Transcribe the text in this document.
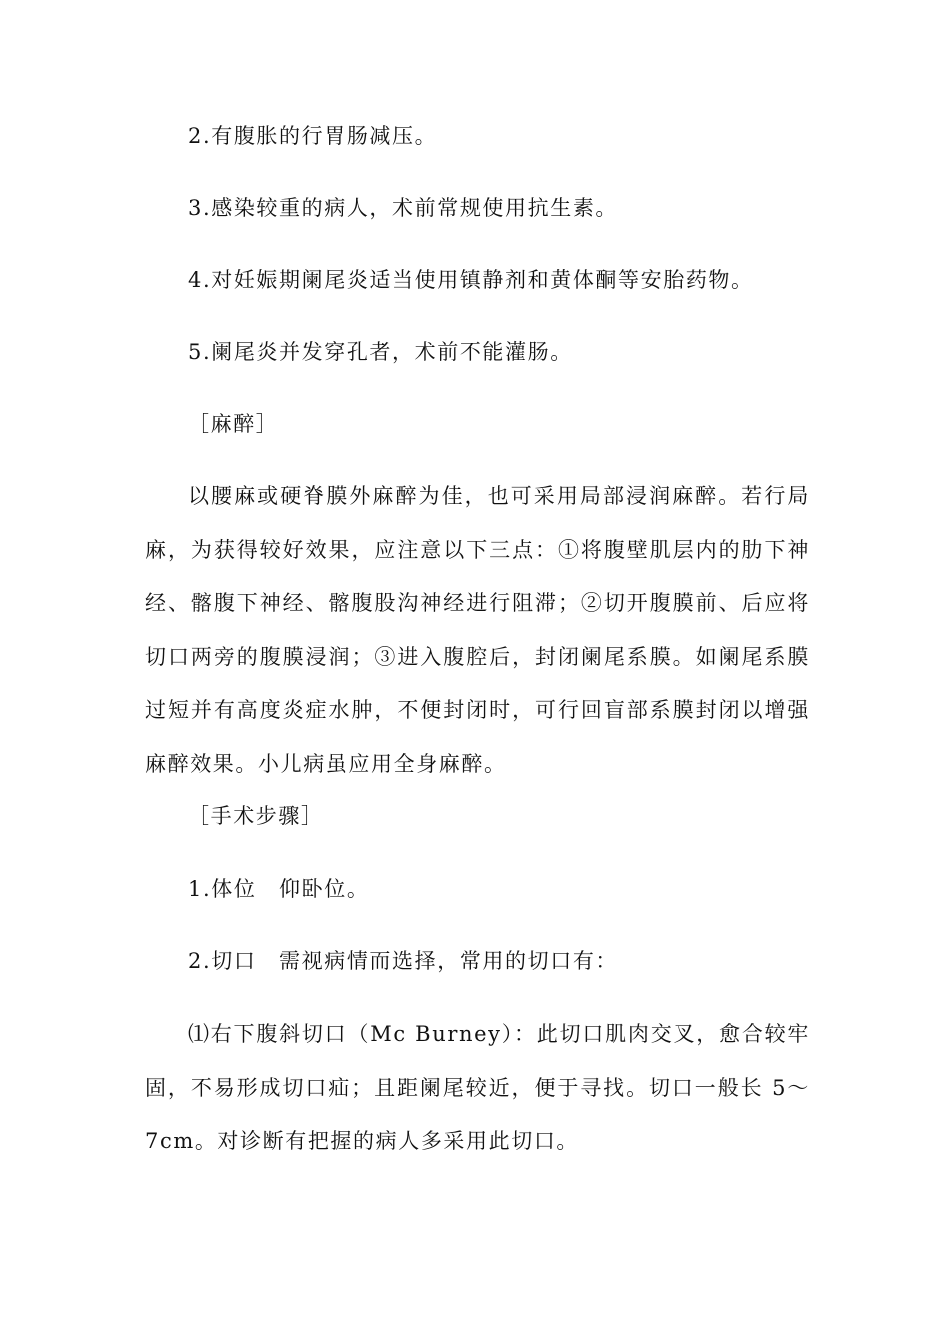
2.有腹胀的行胃肠减压。

3.感染较重的病人，术前常规使用抗生素。

4.对妊娠期阑尾炎适当使用镇静剂和黄体酮等安胎药物。

5.阑尾炎并发穿孔者，术前不能灌肠。

［麻醉］

以腰麻或硬脊膜外麻醉为佳，也可采用局部浸润麻醉。若行局麻，为获得较好效果，应注意以下三点：①将腹壁肌层内的肋下神经、髂腹下神经、髂腹股沟神经进行阻滞；②切开腹膜前、后应将切口两旁的腹膜浸润；③进入腹腔后，封闭阑尾系膜。如阑尾系膜过短并有高度炎症水肿，不便封闭时，可行回盲部系膜封闭以增强麻醉效果。小儿病虽应用全身麻醉。

［手术步骤］

1.体位　仰卧位。

2.切口　需视病情而选择，常用的切口有：

⑴右下腹斜切口（Mc Burney）：此切口肌肉交叉，愈合较牢固，不易形成切口疝；且距阑尾较近，便于寻找。切口一般长 5～7cm。对诊断有把握的病人多采用此切口。
